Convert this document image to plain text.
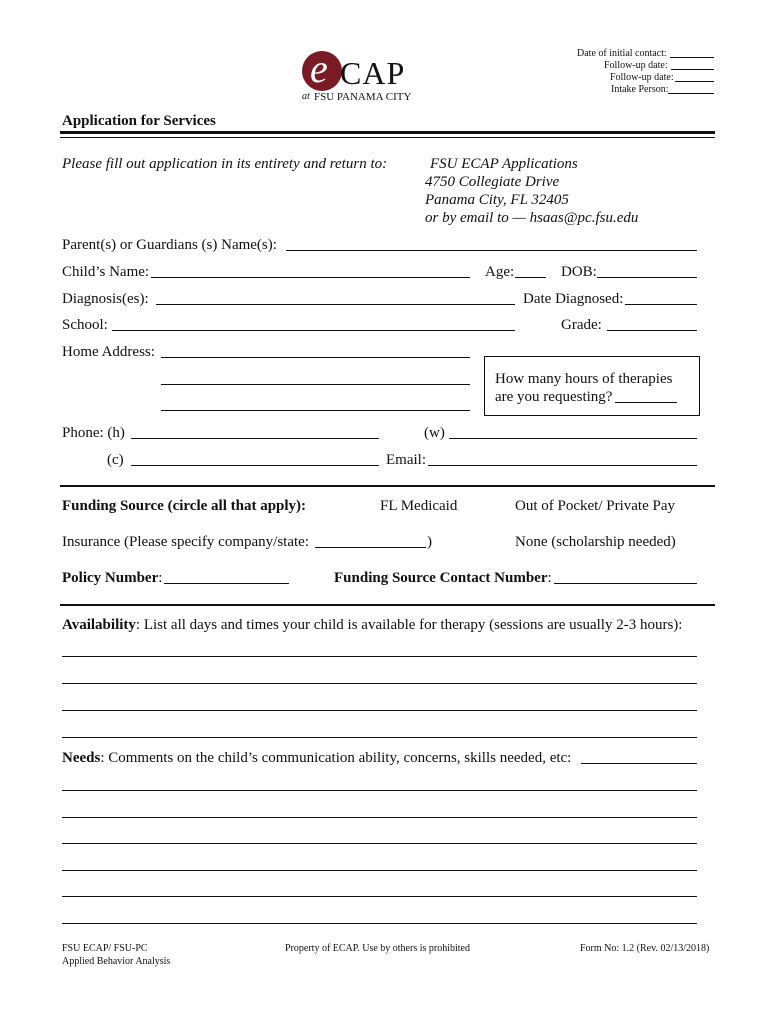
e CAP
at FSU PANAMA CITY
Date of initial contact:
Follow-up date:
Follow-up date:
Intake Person:
Application for Services
Please fill out application in its entirety and return to:	FSU ECAP Applications
4750 Collegiate Drive
Panama City, FL 32405
or by email to — hsaas@pc.fsu.edu
Parent(s) or Guardians (s) Name(s):
Child’s Name:	Age:	DOB:
Diagnosis(es):	Date Diagnosed:
School:	Grade:
Home Address:
How many hours of therapies
are you requesting?
Phone: (h)	(w)
(c)	Email:
Funding Source (circle all that apply):	FL Medicaid	Out of Pocket/ Private Pay
Insurance (Please specify company/state:	)	None (scholarship needed)
Policy Number:	Funding Source Contact Number:
Availability: List all days and times your child is available for therapy (sessions are usually 2-3 hours):
Needs: Comments on the child’s communication ability, concerns, skills needed, etc:
FSU ECAP/ FSU-PC
Applied Behavior Analysis
Property of ECAP. Use by others is prohibited	Form No: 1.2 (Rev. 02/13/2018)
